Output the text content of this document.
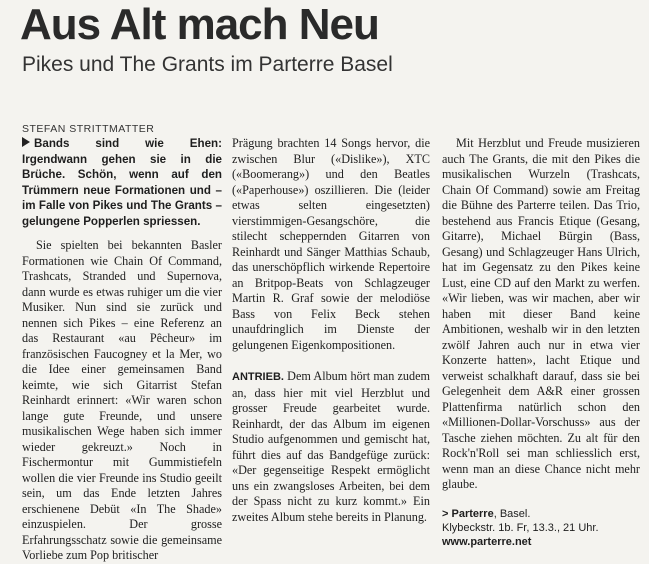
Aus Alt mach Neu
Pikes und The Grants im Parterre Basel
STEFAN STRITTMATTER

Bands sind wie Ehen: Irgendwann gehen sie in die Brüche. Schön, wenn auf den Trümmern neue Formationen und – im Falle von Pikes und The Grants – gelungene Popperlen spriessen.

Sie spielten bei bekannten Basler Formationen wie Chain Of Command, Trashcats, Stranded und Supernova, dann wurde es etwas ruhiger um die vier Musiker. Nun sind sie zurück und nennen sich Pikes – eine Referenz an das Restaurant «au Pêcheur» im französischen Faucogney et la Mer, wo die Idee einer gemeinsamen Band keimte, wie sich Gitarrist Stefan Reinhardt erinnert: «Wir waren schon lange gute Freunde, und unsere musikalischen Wege haben sich immer wieder gekreuzt.» Noch in Fischermontur mit Gummistiefeln wollen die vier Freunde ins Studio geeilt sein, um das Ende letzten Jahres erschienene Debüt «In The Shade» einzuspielen. Der grosse Erfahrungsschatz sowie die gemeinsame Vorliebe zum Pop britischer

Prägung brachten 14 Songs hervor, die zwischen Blur («Dislike»), XTC («Boomerang») und den Beatles («Paperhouse») oszillieren. Die (leider etwas selten eingesetzten) vierstimmigen-Gesangschöre, die stilecht scheppernden Gitarren von Reinhardt und Sänger Matthias Schaub, das unerschöpflich wirkende Repertoire an Britpop-Beats von Schlagzeuger Martin R. Graf sowie der melodiöse Bass von Felix Beck stehen unaufdringlich im Dienste der gelungenen Eigenkompositionen.

ANTRIEB. Dem Album hört man zudem an, dass hier mit viel Herzblut und grosser Freude gearbeitet wurde. Reinhardt, der das Album im eigenen Studio aufgenommen und gemischt hat, führt dies auf das Bandgefüge zurück: «Der gegenseitige Respekt ermöglicht uns ein zwangsloses Arbeiten, bei dem der Spass nicht zu kurz kommt.» Ein zweites Album stehe bereits in Planung.

Mit Herzblut und Freude musizieren auch The Grants, die mit den Pikes die musikalischen Wurzeln (Trashcats, Chain Of Command) sowie am Freitag die Bühne des Parterre teilen. Das Trio, bestehend aus Francis Etique (Gesang, Gitarre), Michael Bürgin (Bass, Gesang) und Schlagzeuger Hans Ulrich, hat im Gegensatz zu den Pikes keine Lust, eine CD auf den Markt zu werfen. «Wir lieben, was wir machen, aber wir haben mit dieser Band keine Ambitionen, weshalb wir in den letzten zwölf Jahren auch nur in etwa vier Konzerte hatten», lacht Etique und verweist schalkhaft darauf, dass sie bei Gelegenheit dem A&R einer grossen Plattenfirma natürlich schon den «Millionen-Dollar-Vorschuss» aus der Tasche ziehen möchten. Zu alt für den Rock'n'Roll sei man schliesslich erst, wenn man an diese Chance nicht mehr glaube.

> Parterre, Basel.
Klybeckstr. 1b. Fr, 13.3., 21 Uhr.
www.parterre.net
